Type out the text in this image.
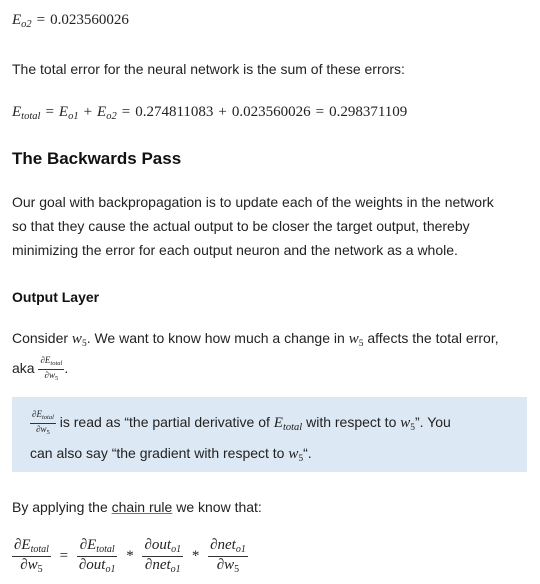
$E_{o2} = 0.023560026$
The total error for the neural network is the sum of these errors:
$E_{total} = E_{o1} + E_{o2} = 0.274811083 + 0.023560026 = 0.298371109$
The Backwards Pass
Our goal with backpropagation is to update each of the weights in the network
so that they cause the actual output to be closer the target output, thereby
minimizing the error for each output neuron and the network as a whole.
Output Layer
Consider $w_5$. We want to know how much a change in $w_5$ affects the total error,
aka $\frac{\partial E_{total}}{\partial w_5}$ .
$\frac{\partial E_{total}}{\partial w_5}$ is read as “the partial derivative of $E_{total}$ with respect to $w_5$”. You
can also say “the gradient with respect to $w_5“$.
By applying the chain rule we know that:
$\frac{\partial E_{total}}{\partial w_5} = \frac{\partial E_{total}}{\partial out_{o1}} * \frac{\partial out_{o1}}{\partial net_{o1}} * \frac{\partial net_{o1}}{\partial w_5}$
